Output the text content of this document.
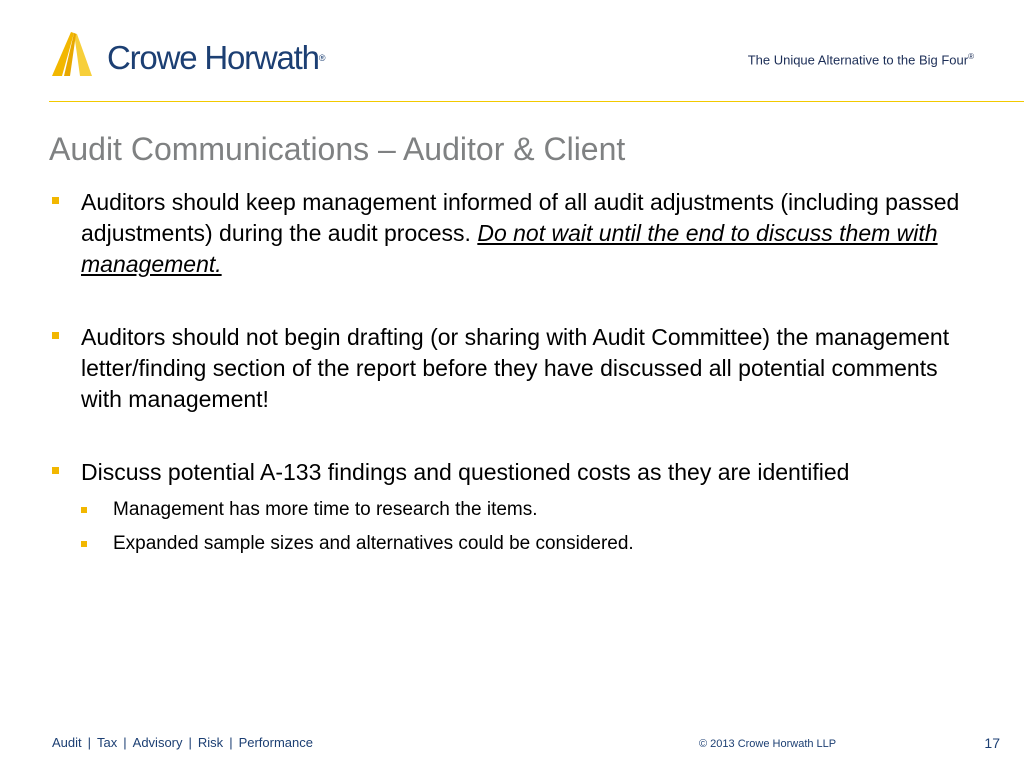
Crowe Horwath®	The Unique Alternative to the Big Four®
Audit Communications – Auditor & Client
Auditors should keep management informed of all audit adjustments (including passed adjustments) during the audit process. Do not wait until the end to discuss them with management.
Auditors should not begin drafting (or sharing with Audit Committee) the management letter/finding section of the report before they have discussed all potential comments with management!
Discuss potential A-133 findings and questioned costs as they are identified
Management has more time to research the items.
Expanded sample sizes and alternatives could be considered.
Audit | Tax | Advisory | Risk | Performance	© 2013 Crowe Horwath LLP	17
